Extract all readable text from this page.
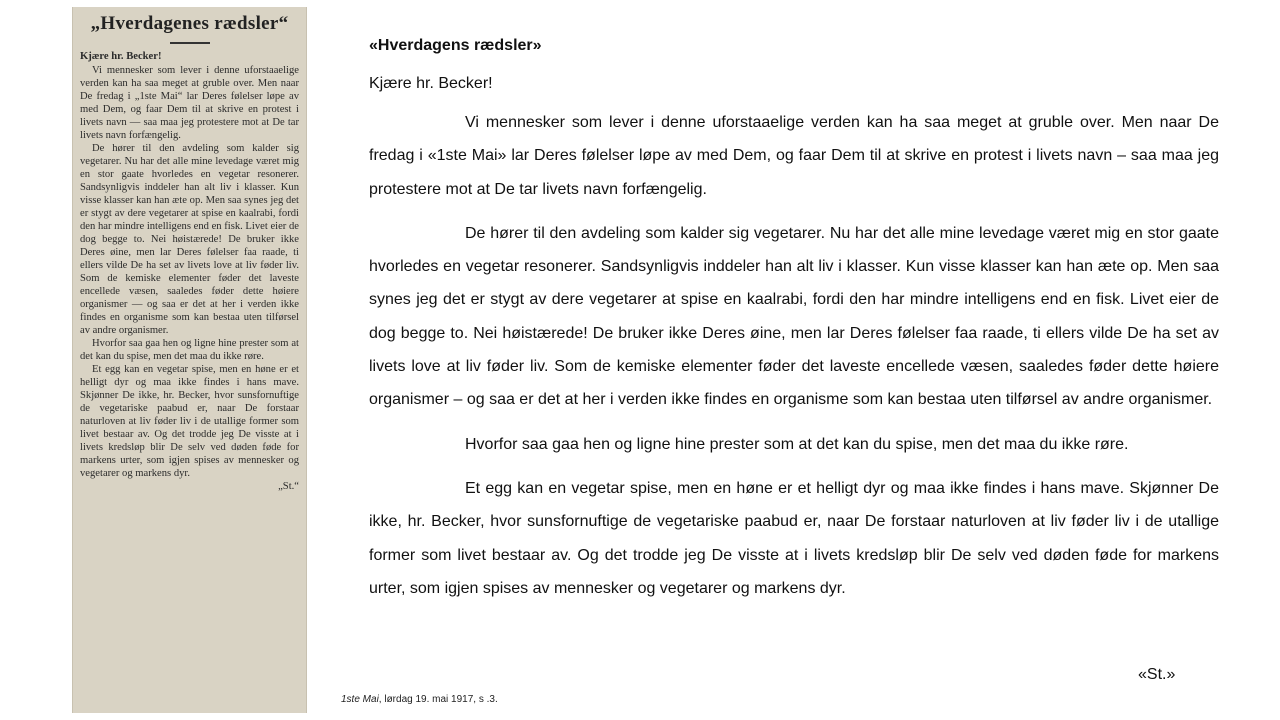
„Hverdagenes rædsler“

Kjære hr. Becker!

Vi mennesker som lever i denne uforstaaelige verden kan ha saa meget at gruble over. Men naar De fredag i „1ste Mai“ lar Deres følelser løpe av med Dem, og faar Dem til at skrive en protest i livets navn — saa maa jeg protestere mot at De tar livets navn forfængelig.

De hører til den avdeling som kalder sig vegetarer. Nu har det alle mine levedage været mig en stor gaate hvorledes en vegetar resonerer. Sandsynligvis inddeler han alt liv i klasser. Kun visse klasser kan han æte op. Men saa synes jeg det er stygt av dere vegetarer at spise en kaalrabi, fordi den har mindre intelligens end en fisk. Livet eier de dog begge to. Nei høistærede! De bruker ikke Deres øine, men lar Deres følelser faa raade, ti ellers vilde De ha set av livets love at liv føder liv. Som de kemiske elementer føder det laveste encellede væsen, saaledes føder dette høiere organismer — og saa er det at her i verden ikke findes en organisme som kan bestaa uten tilførsel av andre organismer.

Hvorfor saa gaa hen og ligne hine prester som at det kan du spise, men det maa du ikke røre.

Et egg kan en vegetar spise, men en høne er et helligt dyr og maa ikke findes i hans mave. Skjønner De ikke, hr. Becker, hvor sunsfornuftige de vegetariske paabud er, naar De forstaar naturloven at liv føder liv i de utallige former som livet bestaar av. Og det trodde jeg De visste at i livets kredsløp blir De selv ved døden føde for markens urter, som igjen spises av mennesker og vegetarer og markens dyr.

„St.“

«Hverdagens rædsler»

Kjære hr. Becker!

Vi mennesker som lever i denne uforstaaelige verden kan ha saa meget at gruble over. Men naar De fredag i «1ste Mai» lar Deres følelser løpe av med Dem, og faar Dem til at skrive en protest i livets navn – saa maa jeg protestere mot at De tar livets navn forfængelig.

De hører til den avdeling som kalder sig vegetarer. Nu har det alle mine levedage været mig en stor gaate hvorledes en vegetar resonerer. Sandsynligvis inddeler han alt liv i klasser. Kun visse klasser kan han æte op. Men saa synes jeg det er stygt av dere vegetarer at spise en kaalrabi, fordi den har mindre intelligens end en fisk. Livet eier de dog begge to. Nei høistærede! De bruker ikke Deres øine, men lar Deres følelser faa raade, ti ellers vilde De ha set av livets love at liv føder liv. Som de kemiske elementer føder det laveste encellede væsen, saaledes føder dette høiere organismer – og saa er det at her i verden ikke findes en organisme som kan bestaa uten tilførsel av andre organismer.

Hvorfor saa gaa hen og ligne hine prester som at det kan du spise, men det maa du ikke røre.

Et egg kan en vegetar spise, men en høne er et helligt dyr og maa ikke findes i hans mave. Skjønner De ikke, hr. Becker, hvor sunsfornuftige de vegetariske paabud er, naar De forstaar naturloven at liv føder liv i de utallige former som livet bestaar av. Og det trodde jeg De visste at i livets kredsløp blir De selv ved døden føde for markens urter, som igjen spises av mennesker og vegetarer og markens dyr.

«St.»
1ste Mai, lørdag 19. mai 1917, s .3.
